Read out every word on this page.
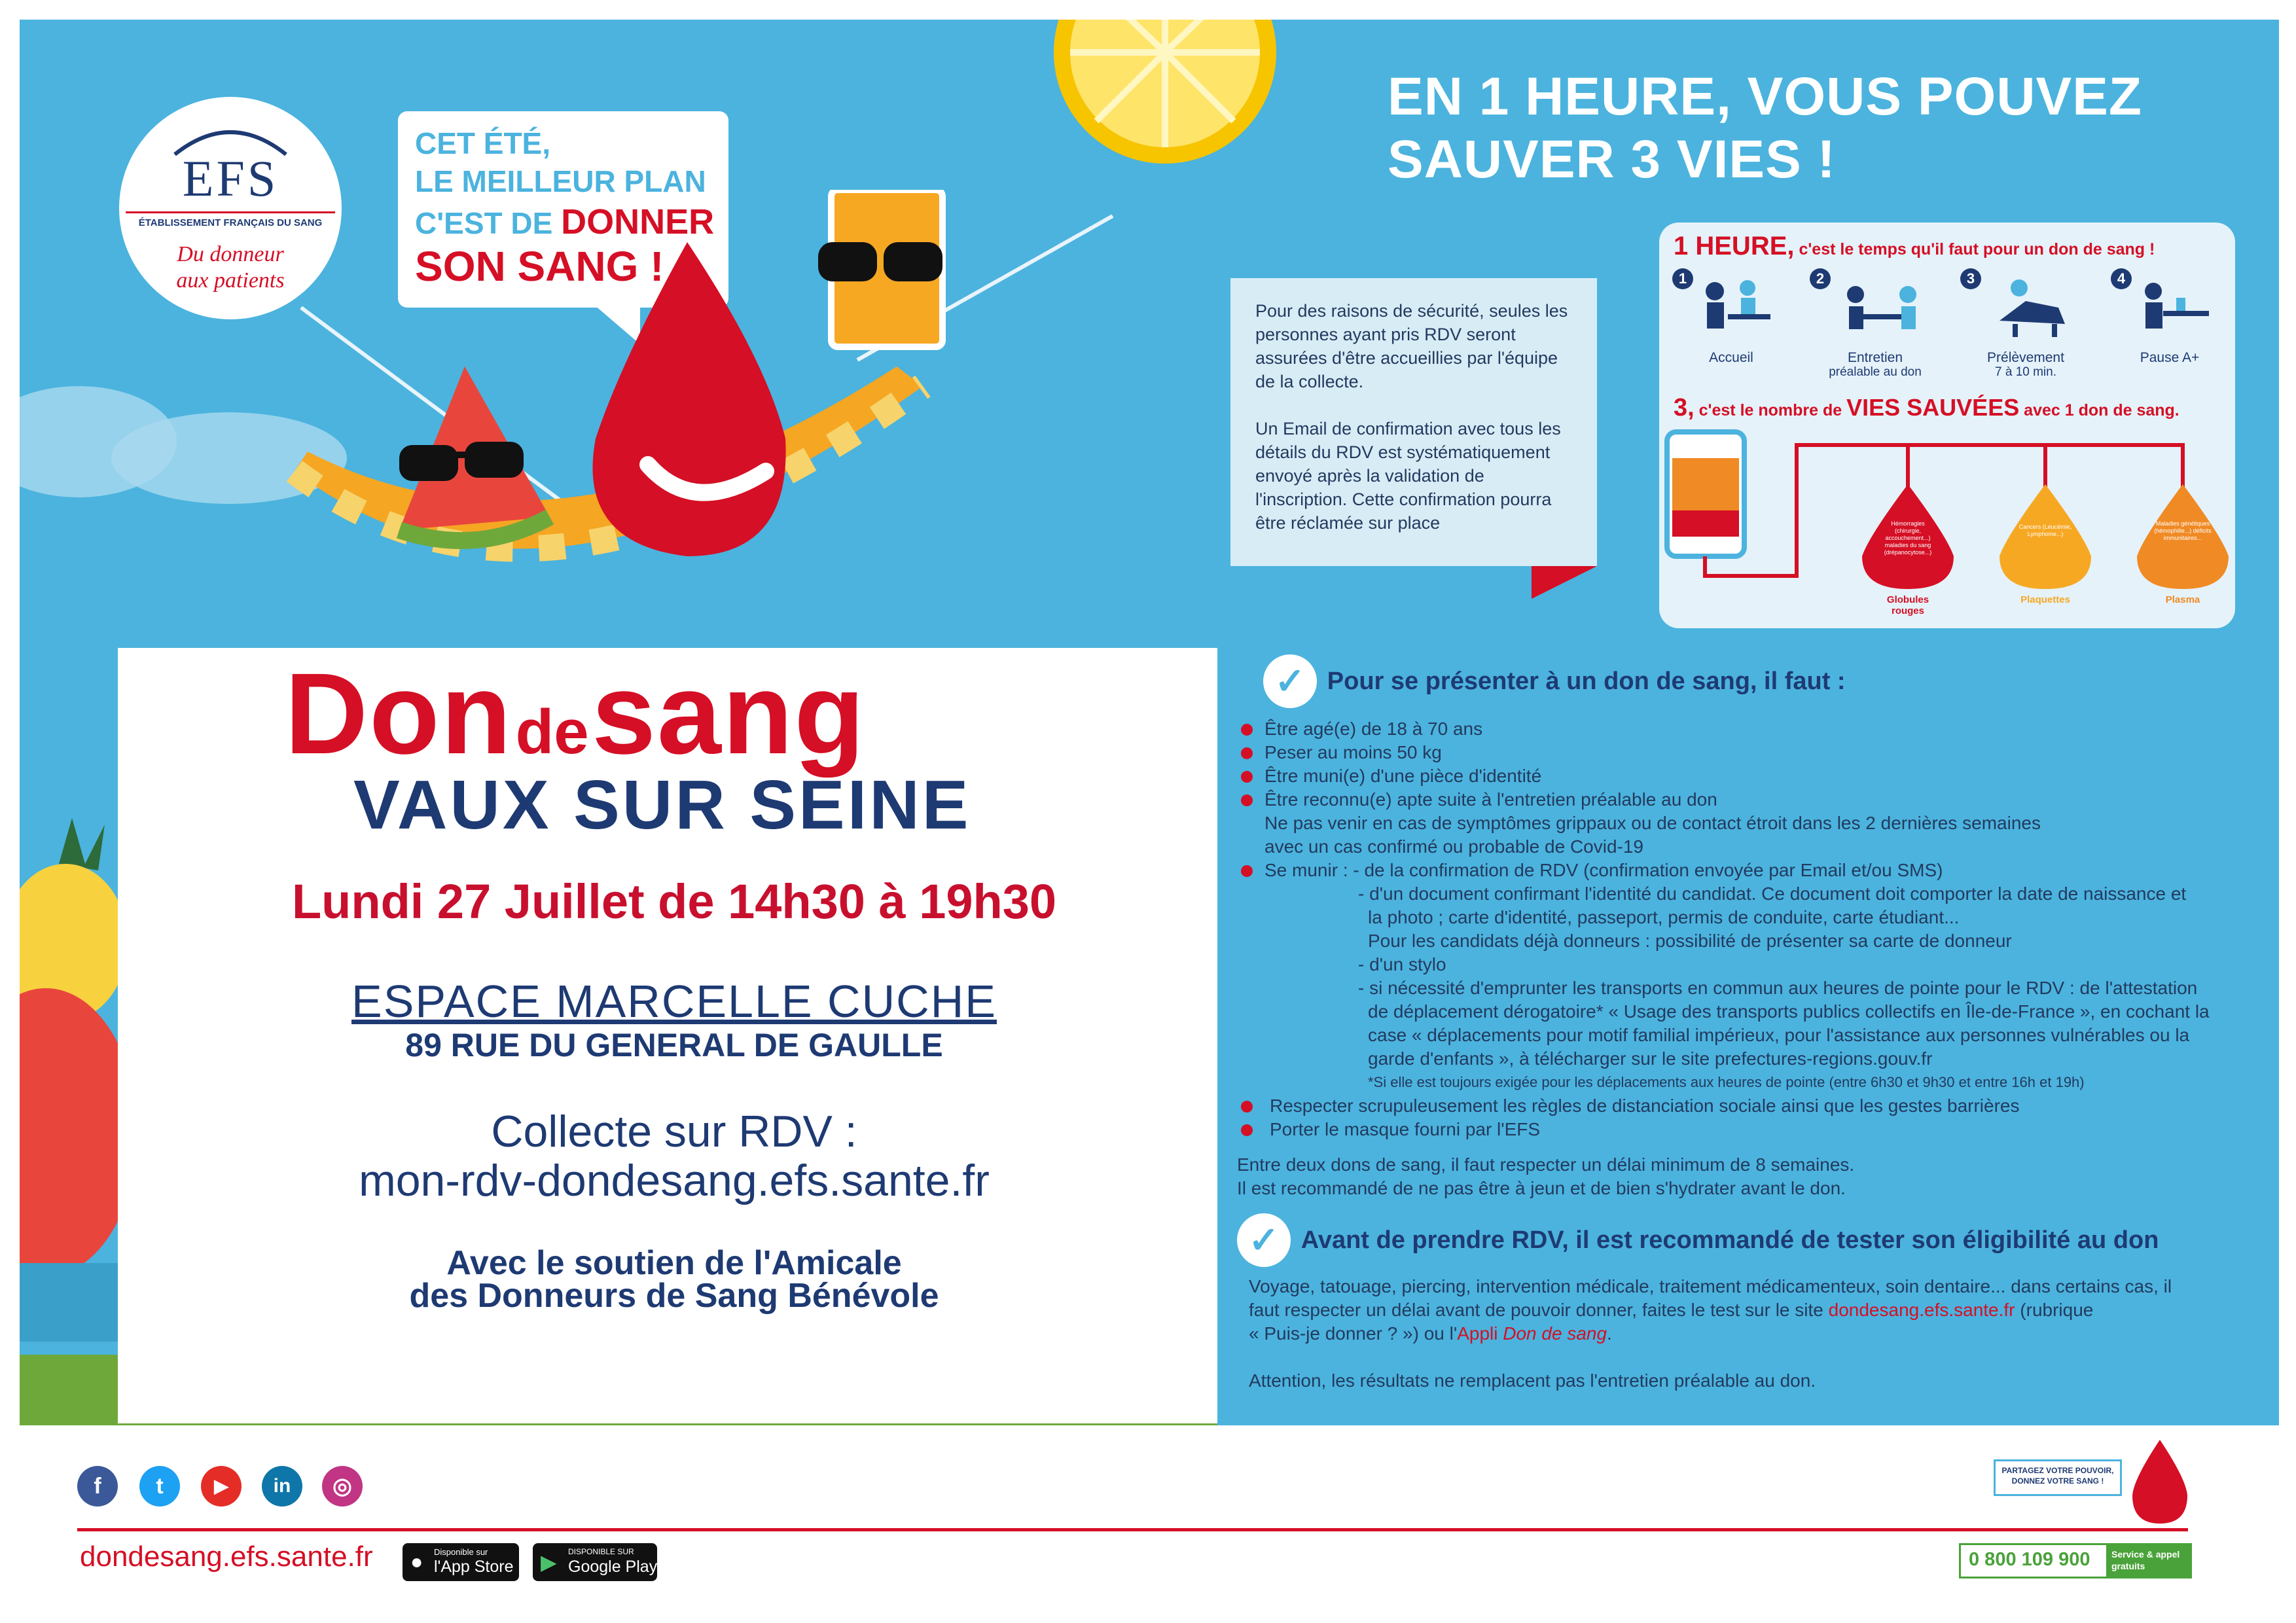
EFS
ÉTABLISSEMENT FRANÇAIS DU SANG
Du donneur
aux patients
CET ÉTÉ,
LE MEILLEUR PLAN
C'EST DE DONNER
SON SANG !
Don de sang
VAUX SUR SEINE
Lundi 27 Juillet de 14h30 à 19h30
ESPACE MARCELLE CUCHE
89 RUE DU GENERAL DE GAULLE
Collecte sur RDV :
mon-rdv-dondesang.efs.sante.fr
Avec le soutien de l'Amicale
des Donneurs de Sang Bénévole
EN 1 HEURE, VOUS POUVEZ
SAUVER 3 VIES !

Pour des raisons de sécurité, seules les personnes ayant pris RDV seront assurées d'être accueillies par l'équipe de la collecte.

Un Email de confirmation avec tous les détails du RDV est systématiquement envoyé après la validation de l'inscription. Cette confirmation pourra être réclamée sur place

1 HEURE, c'est le temps qu'il faut pour un don de sang !
1
Accueil
2
Entretien
préalable au don
3
Prélèvement
7 à 10 min.
4
Pause A+
3, c'est le nombre de VIES SAUVÉES avec 1 don de sang.
Hémorragies (chirurgie, accouchement...) maladies du sang (drépanocytose...)
Globules rouges
Cancers (Leucémie, Lymphome...)
Plaquettes
Maladies génétiques (hémophilie...) déficits immunitaires...
Plasma
✓ Pour se présenter à un don de sang, il faut :
Être agé(e) de 18 à 70 ans
Peser au moins 50 kg
Être muni(e) d'une pièce d'identité
Être reconnu(e) apte suite à l'entretien préalable au don
Ne pas venir en cas de symptômes grippaux ou de contact étroit dans les 2 dernières semaines
avec un cas confirmé ou probable de Covid-19
Se munir : - de la confirmation de RDV (confirmation envoyée par Email et/ou SMS)
- d'un document confirmant l'identité du candidat. Ce document doit comporter la date de naissance et
la photo ; carte d'identité, passeport, permis de conduite, carte étudiant...
Pour les candidats déjà donneurs : possibilité de présenter sa carte de donneur
- d'un stylo
- si nécessité d'emprunter les transports en commun aux heures de pointe pour le RDV : de l'attestation
de déplacement dérogatoire* « Usage des transports publics collectifs en Île-de-France », en cochant la
case « déplacements pour motif familial impérieux, pour l'assistance aux personnes vulnérables ou la
garde d'enfants », à télécharger sur le site prefectures-regions.gouv.fr
*Si elle est toujours exigée pour les déplacements aux heures de pointe (entre 6h30 et 9h30 et entre 16h et 19h)
Respecter scrupuleusement les règles de distanciation sociale ainsi que les gestes barrières
Porter le masque fourni par l'EFS
Entre deux dons de sang, il faut respecter un délai minimum de 8 semaines.
Il est recommandé de ne pas être à jeun et de bien s'hydrater avant le don.
✓ Avant de prendre RDV, il est recommandé de tester son éligibilité au don
Voyage, tatouage, piercing, intervention médicale, traitement médicamenteux, soin dentaire... dans certains cas, il
faut respecter un délai avant de pouvoir donner, faites le test sur le site dondesang.efs.sante.fr (rubrique
« Puis-je donner ? ») ou l'Appli Don de sang.
Attention, les résultats ne remplacent pas l'entretien préalable au don.
f	t	▶	in	◎
dondesang.efs.sante.fr ● Disponible sur
l'App Store ▶ DISPONIBLE SUR
Google Play
PARTAGEZ VOTRE POUVOIR,
DONNEZ VOTRE SANG !
0 800 109 900 Service & appel
gratuits
